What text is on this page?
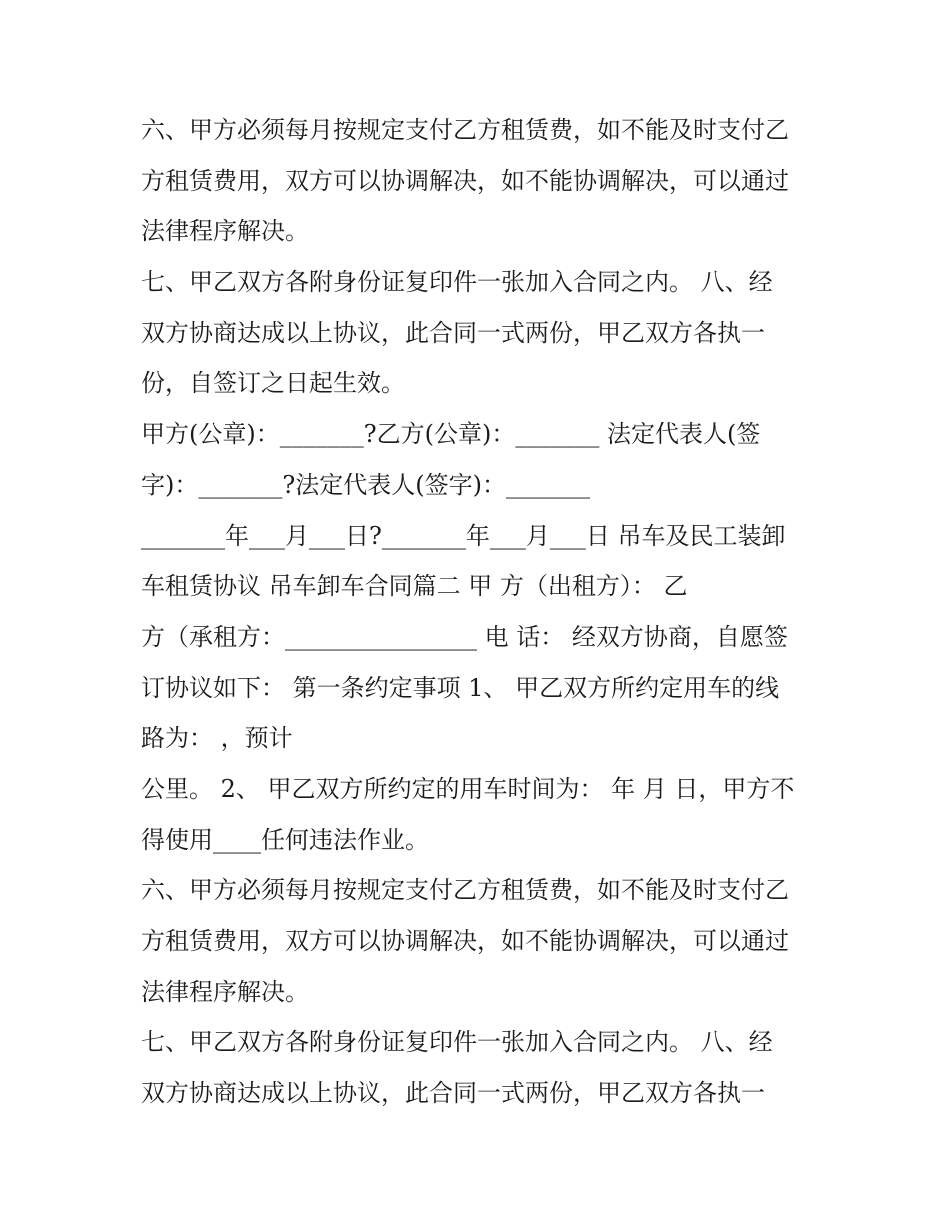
六、甲方必须每月按规定支付乙方租赁费，如不能及时支付乙
方租赁费用，双方可以协调解决，如不能协调解决，可以通过
法律程序解决。
七、甲乙双方各附身份证复印件一张加入合同之内。 八、经
双方协商达成以上协议，此合同一式两份，甲乙双方各执一
份，自签订之日起生效。
甲方(公章)：_______?乙方(公章)：_______ 法定代表人(签
字)：_______?法定代表人(签字)：_______
_______年___月___日?_______年___月___日 吊车及民工装卸
车租赁协议 吊车卸车合同篇二 甲 方（出租方）： 乙
方（承租方：________________ 电 话： 经双方协商，自愿签
订协议如下： 第一条约定事项 1、 甲乙双方所约定用车的线
路为： ，预计
公里。 2、 甲乙双方所约定的用车时间为： 年 月 日，甲方不
得使用____任何违法作业。
六、甲方必须每月按规定支付乙方租赁费，如不能及时支付乙
方租赁费用，双方可以协调解决，如不能协调解决，可以通过
法律程序解决。
七、甲乙双方各附身份证复印件一张加入合同之内。 八、经
双方协商达成以上协议，此合同一式两份，甲乙双方各执一
